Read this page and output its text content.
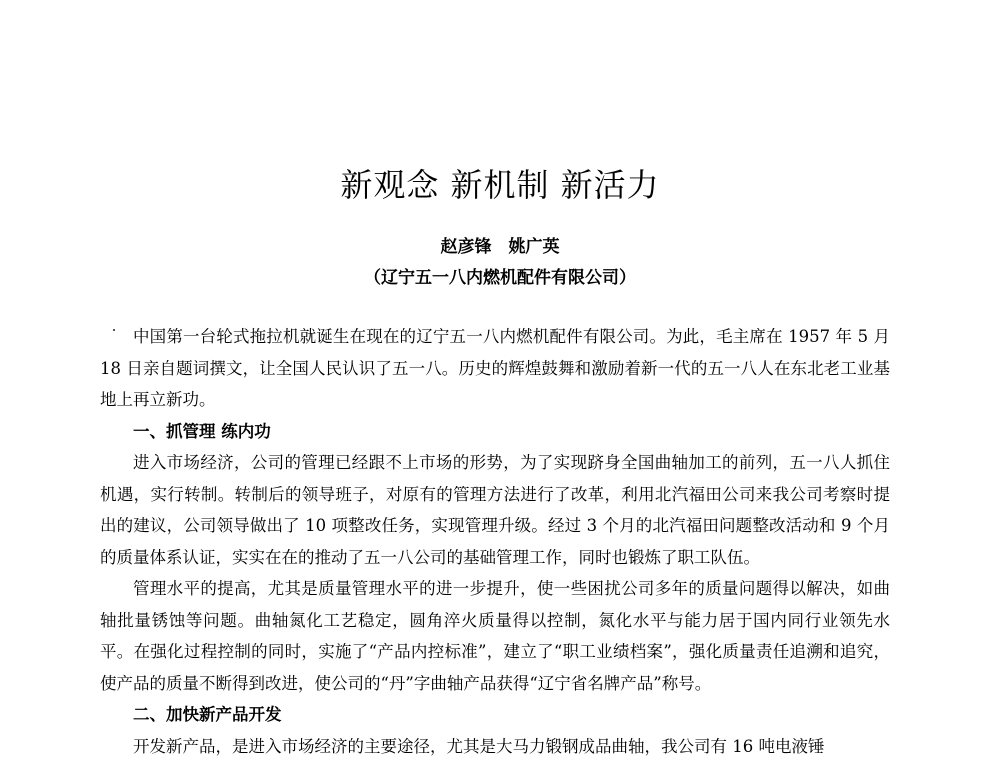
新观念 新机制 新活力
赵彦锋　姚广英
（辽宁五一八内燃机配件有限公司）

中国第一台轮式拖拉机就诞生在现在的辽宁五一八内燃机配件有限公司。为此，毛主席在 1957 年 5 月 18 日亲自题词撰文，让全国人民认识了五一八。历史的辉煌鼓舞和激励着新一代的五一八人在东北老工业基地上再立新功。

一、抓管理 练内功

进入市场经济，公司的管理已经跟不上市场的形势，为了实现跻身全国曲轴加工的前列，五一八人抓住机遇，实行转制。转制后的领导班子，对原有的管理方法进行了改革，利用北汽福田公司来我公司考察时提出的建议，公司领导做出了 10 项整改任务，实现管理升级。经过 3 个月的北汽福田问题整改活动和 9 个月的质量体系认证，实实在在的推动了五一八公司的基础管理工作，同时也锻炼了职工队伍。

管理水平的提高，尤其是质量管理水平的进一步提升，使一些困扰公司多年的质量问题得以解决，如曲轴批量锈蚀等问题。曲轴氮化工艺稳定，圆角淬火质量得以控制，氮化水平与能力居于国内同行业领先水平。在强化过程控制的同时，实施了“产品内控标准”，建立了“职工业绩档案”，强化质量责任追溯和追究，使产品的质量不断得到改进，使公司的“丹”字曲轴产品获得“辽宁省名牌产品”称号。

二、加快新产品开发

开发新产品，是进入市场经济的主要途径，尤其是大马力锻钢成品曲轴，我公司有 16 吨电液锤
